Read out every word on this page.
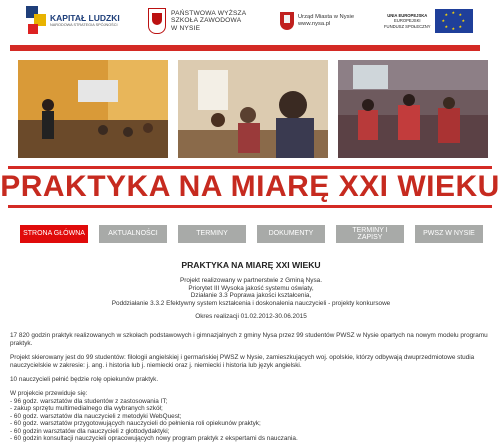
KAPITAŁ LUDZKI
NARODOWA STRATEGIA SPÓJNOŚCI
PAŃSTWOWA WYŻSZA
SZKOŁA ZAWODOWA
W NYSIE
Urząd Miasta w Nysie
www.nysa.pl
UNIA EUROPEJSKA
EUROPEJSKI
FUNDUSZ SPOŁECZNY
★ ★
★
★
★
★
★
★
PRAKTYKA NA MIARĘ XXI WIEKU
STRONA GŁÓWNA	AKTUALNOŚCI	TERMINY	DOKUMENTY
TERMINY I ZAPISY
PWSZ W NYSIE
PRAKTYKA NA MIARĘ XXI WIEKU
Projekt realizowany w partnerstwie z Gminą Nysa.
Priorytet III Wysoka jakość systemu oświaty,
Działanie 3.3 Poprawa jakości kształcenia,
Poddziałanie 3.3.2 Efektywny system kształcenia i doskonalenia nauczycieli - projekty konkursowe
Okres realizacji 01.02.2012-30.06.2015

17 820 godzin praktyk realizowanych w szkołach podstawowych i gimnazjalnych z gminy Nysa przez 99 studentów PWSZ w Nysie opartych na nowym modelu programu praktyk.

Projekt skierowany jest do 99 studentów: filologii angielskiej i germańskiej PWSZ w Nysie, zamieszkujących woj. opolskie, którzy odbywają dwuprzedmiotowe studia nauczycielskie w zakresie: j. ang. i historia lub j. niemiecki oraz j. niemiecki i historia lub język angielski.

10 nauczycieli pełnić będzie rolę opiekunów praktyk.

W projekcie przewiduje się:

- 96 godz. warsztatów dla studentów z zastosowania IT;
- zakup sprzętu multimedialnego dla wybranych szkół;
- 60 godz. warsztatów dla nauczycieli z metodyki WebQuest;
- 60 godz. warsztatów przygotowujących nauczycieli do pełnienia roli opiekunów praktyk;
- 60 godzin warsztatów dla nauczycieli z glottodydaktyki;
- 60 godzin konsultacji nauczycieli opracowujących nowy program praktyk z ekspertami ds nauczania.
